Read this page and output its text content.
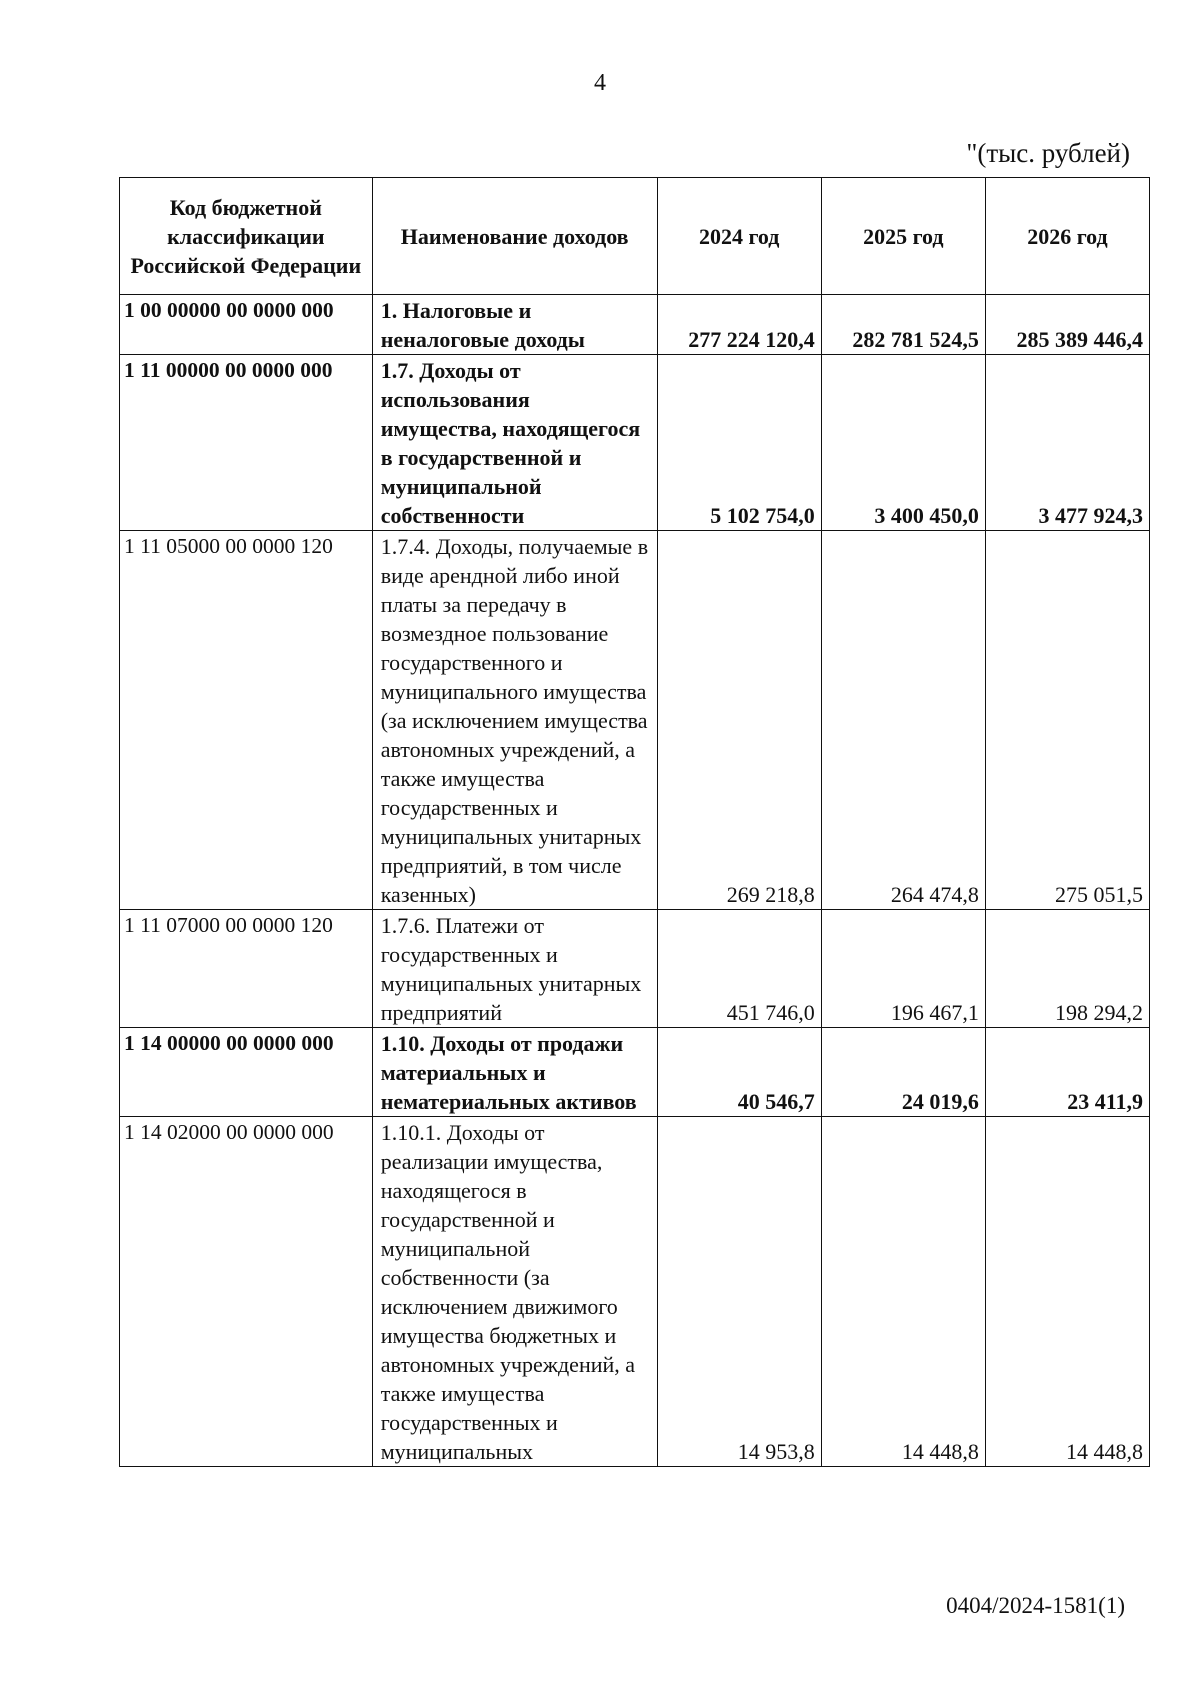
4
"(тыс. рублей)
Код бюджетной классификации Российской Федерации	Наименование доходов	2024 год	2025 год	2026 год
1 00 00000 00 0000 000	1. Налоговые и неналоговые доходы	277 224 120,4	282 781 524,5	285 389 446,4
1 11 00000 00 0000 000	1.7. Доходы от использования имущества, находящегося в государственной и муниципальной собственности	5 102 754,0	3 400 450,0	3 477 924,3
1 11 05000 00 0000 120	1.7.4. Доходы, получаемые в виде арендной либо иной платы за передачу в возмездное пользование государственного и муниципального имущества (за исключением имущества автономных учреждений, а также имущества государственных и муниципальных унитарных предприятий, в том числе казенных)	269 218,8	264 474,8	275 051,5
1 11 07000 00 0000 120	1.7.6. Платежи от государственных и муниципальных унитарных предприятий	451 746,0	196 467,1	198 294,2
1 14 00000 00 0000 000	1.10. Доходы от продажи материальных и нематериальных активов	40 546,7	24 019,6	23 411,9
1 14 02000 00 0000 000	1.10.1. Доходы от реализации имущества, находящегося в государственной и муниципальной собственности (за исключением движимого имущества бюджетных и автономных учреждений, а также имущества государственных и муниципальных	14 953,8	14 448,8	14 448,8
0404/2024-1581(1)
